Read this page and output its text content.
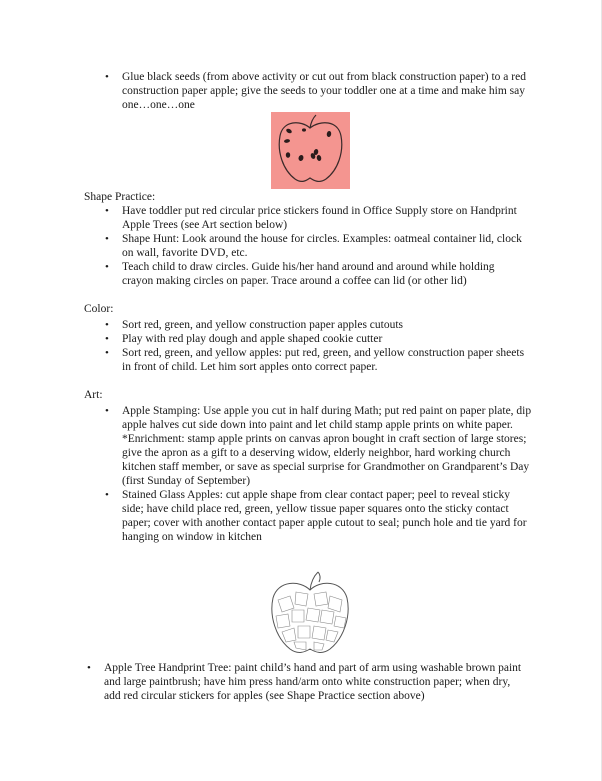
• Glue black seeds (from above activity or cut out from black construction paper) to a red construction paper apple; give the seeds to your toddler one at a time and make him say one…one…one
Shape Practice:
• Have toddler put red circular price stickers found in Office Supply store on Handprint Apple Trees (see Art section below)
• Shape Hunt: Look around the house for circles. Examples: oatmeal container lid, clock on wall, favorite DVD, etc.
• Teach child to draw circles. Guide his/her hand around and around while holding crayon making circles on paper. Trace around a coffee can lid (or other lid)
Color:
• Sort red, green, and yellow construction paper apples cutouts
• Play with red play dough and apple shaped cookie cutter
• Sort red, green, and yellow apples: put red, green, and yellow construction paper sheets in front of child. Let him sort apples onto correct paper.
Art:
• Apple Stamping: Use apple you cut in half during Math; put red paint on paper plate, dip apple halves cut side down into paint and let child stamp apple prints on white paper. *Enrichment: stamp apple prints on canvas apron bought in craft section of large stores; give the apron as a gift to a deserving widow, elderly neighbor, hard working church kitchen staff member, or save as special surprise for Grandmother on Grandparent’s Day (first Sunday of September)
• Stained Glass Apples: cut apple shape from clear contact paper; peel to reveal sticky side; have child place red, green, yellow tissue paper squares onto the sticky contact paper; cover with another contact paper apple cutout to seal; punch hole and tie yard for hanging on window in kitchen
• Apple Tree Handprint Tree: paint child’s hand and part of arm using washable brown paint and large paintbrush; have him press hand/arm onto white construction paper; when dry, add red circular stickers for apples (see Shape Practice section above)
